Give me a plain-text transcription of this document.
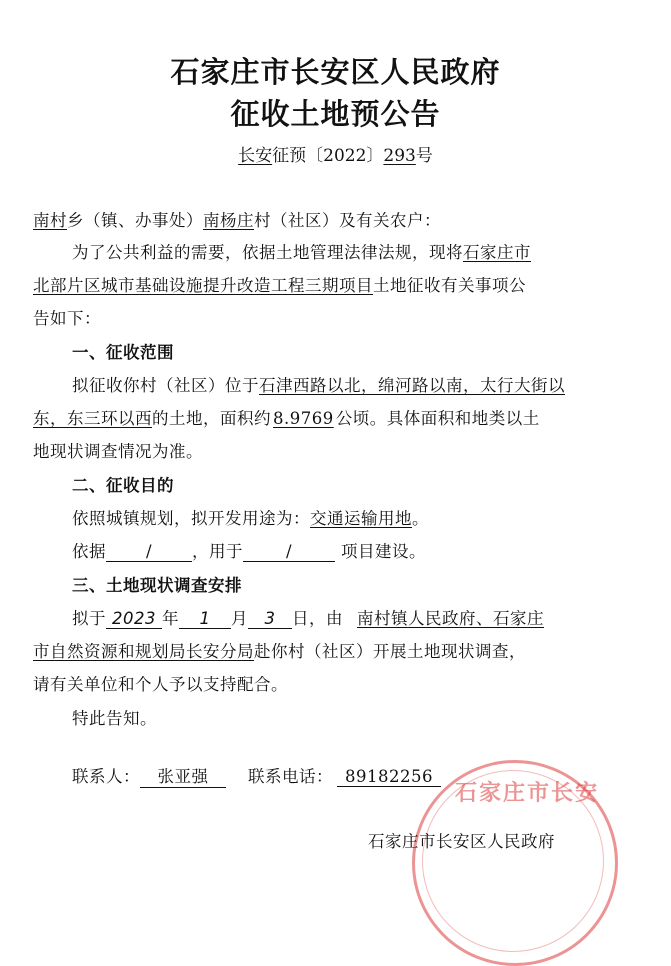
石家庄市长安区人民政府
征收土地预公告
长安征预〔2022〕293号
南村乡（镇、办事处）南杨庄村（社区）及有关农户：
为了公共利益的需要，依据土地管理法律法规，现将石家庄市
北部片区城市基础设施提升改造工程三期项目土地征收有关事项公
告如下：
一、征收范围
拟征收你村（社区）位于石津西路以北，绵河路以南，太行大街以
东，东三环以西的土地，面积约 8.9769 公顷。具体面积和地类以土
地现状调查情况为准。
二、征收目的
依照城镇规划，拟开发用途为：交通运输用地。
依据 / ，用于	/	项目建设。
三、土地现状调查安排
拟于 2023 年 1 月 3 日，由 南村镇人民政府、石家庄
市自然资源和规划局长安分局赴你村（社区）开展土地现状调查，
请有关单位和个人予以支持配合。
特此告知。
联系人： 张亚强 联系电话： 89182256
石家庄市长安
石家庄市长安区人民政府
